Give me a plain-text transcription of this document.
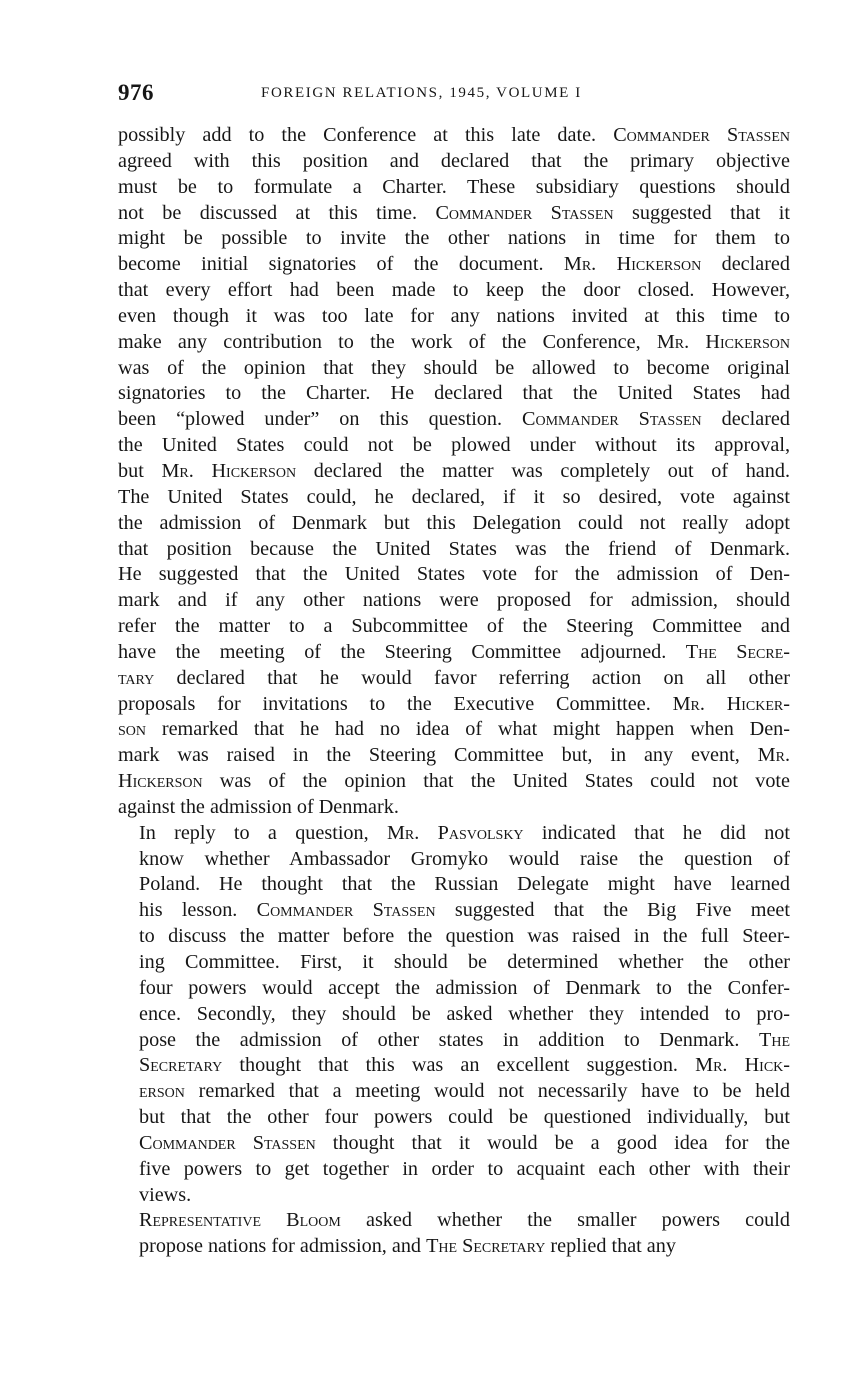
976	FOREIGN RELATIONS, 1945, VOLUME I

possibly add to the Conference at this late date. Commander Stassen
agreed with this position and declared that the primary objective
must be to formulate a Charter. These subsidiary questions should
not be discussed at this time. Commander Stassen suggested that it
might be possible to invite the other nations in time for them to
become initial signatories of the document. Mr. Hickerson declared
that every effort had been made to keep the door closed. However,
even though it was too late for any nations invited at this time to
make any contribution to the work of the Conference, Mr. Hickerson
was of the opinion that they should be allowed to become original
signatories to the Charter. He declared that the United States had
been “plowed under” on this question. Commander Stassen declared
the United States could not be plowed under without its approval,
but Mr. Hickerson declared the matter was completely out of hand.
The United States could, he declared, if it so desired, vote against
the admission of Denmark but this Delegation could not really adopt
that position because the United States was the friend of Denmark.
He suggested that the United States vote for the admission of Den-
mark and if any other nations were proposed for admission, should
refer the matter to a Subcommittee of the Steering Committee and
have the meeting of the Steering Committee adjourned. The Secre-
tary declared that he would favor referring action on all other
proposals for invitations to the Executive Committee. Mr. Hicker-
son remarked that he had no idea of what might happen when Den-
mark was raised in the Steering Committee but, in any event, Mr.
Hickerson was of the opinion that the United States could not vote
against the admission of Denmark.

In reply to a question, Mr. Pasvolsky indicated that he did not
know whether Ambassador Gromyko would raise the question of
Poland. He thought that the Russian Delegate might have learned
his lesson. Commander Stassen suggested that the Big Five meet
to discuss the matter before the question was raised in the full Steer-
ing Committee. First, it should be determined whether the other
four powers would accept the admission of Denmark to the Confer-
ence. Secondly, they should be asked whether they intended to pro-
pose the admission of other states in addition to Denmark. The
Secretary thought that this was an excellent suggestion. Mr. Hick-
erson remarked that a meeting would not necessarily have to be held
but that the other four powers could be questioned individually, but
Commander Stassen thought that it would be a good idea for the
five powers to get together in order to acquaint each other with their
views.

Representative Bloom asked whether the smaller powers could
propose nations for admission, and The Secretary replied that any
